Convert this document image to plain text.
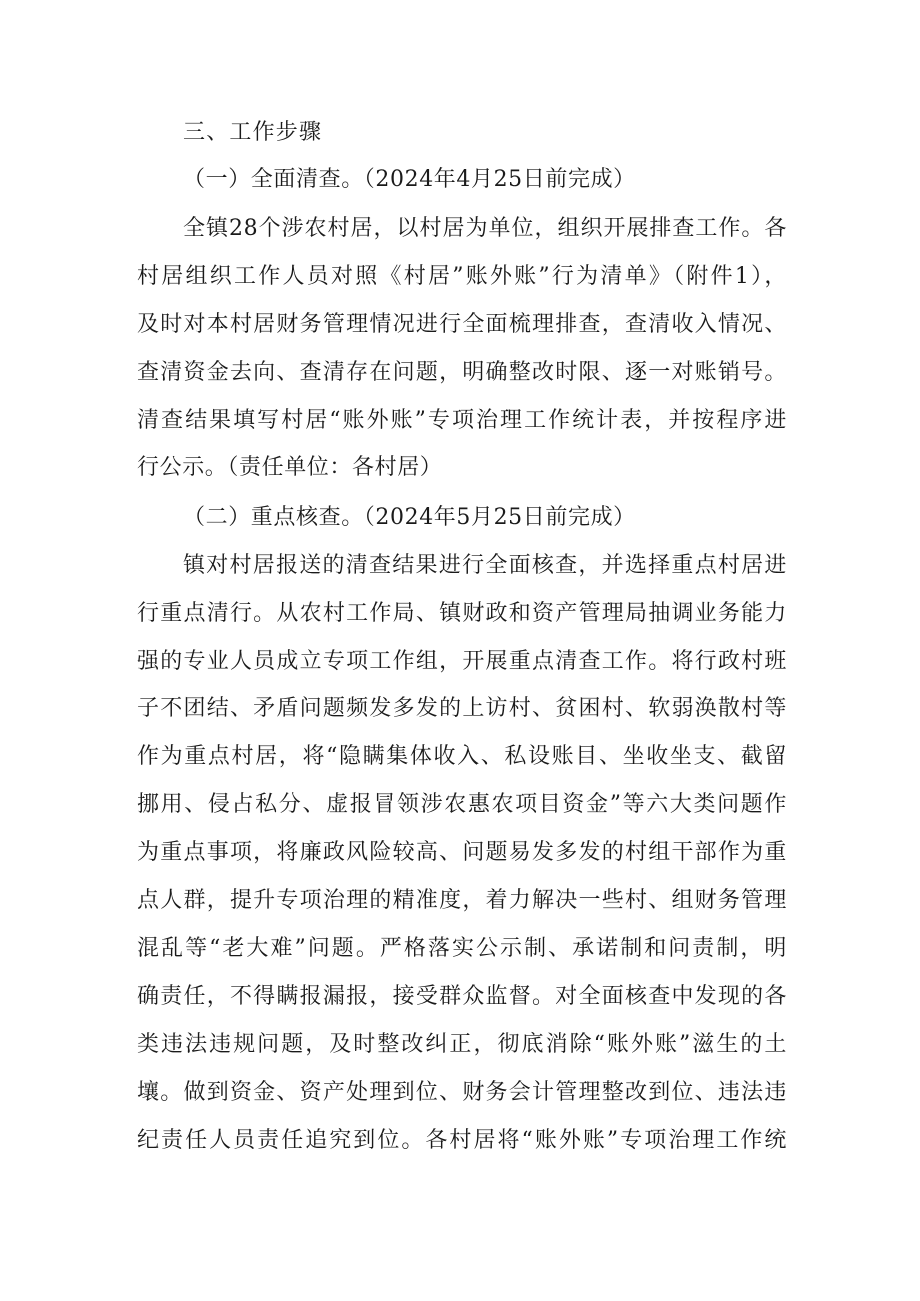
三、工作步骤
（一）全面清查。（2024年4月25日前完成）
全镇28个涉农村居，以村居为单位，组织开展排查工作。各
村居组织工作人员对照《村居”账外账”行为清单》（附件1），
及时对本村居财务管理情况进行全面梳理排查，查清收入情况、
查清资金去向、查清存在问题，明确整改时限、逐一对账销号。
清查结果填写村居“账外账”专项治理工作统计表，并按程序进
行公示。（责任单位：各村居）
（二）重点核查。（2024年5月25日前完成）
镇对村居报送的清查结果进行全面核查，并选择重点村居进
行重点清行。从农村工作局、镇财政和资产管理局抽调业务能力
强的专业人员成立专项工作组，开展重点清查工作。将行政村班
子不团结、矛盾问题频发多发的上访村、贫困村、软弱涣散村等
作为重点村居，将“隐瞒集体收入、私设账目、坐收坐支、截留
挪用、侵占私分、虚报冒领涉农惠农项目资金”等六大类问题作
为重点事项，将廉政风险较高、问题易发多发的村组干部作为重
点人群，提升专项治理的精准度，着力解决一些村、组财务管理
混乱等“老大难”问题。严格落实公示制、承诺制和问责制，明
确责任，不得瞒报漏报，接受群众监督。对全面核查中发现的各
类违法违规问题，及时整改纠正，彻底消除“账外账”滋生的土
壤。做到资金、资产处理到位、财务会计管理整改到位、违法违
纪责任人员责任追究到位。各村居将“账外账”专项治理工作统
